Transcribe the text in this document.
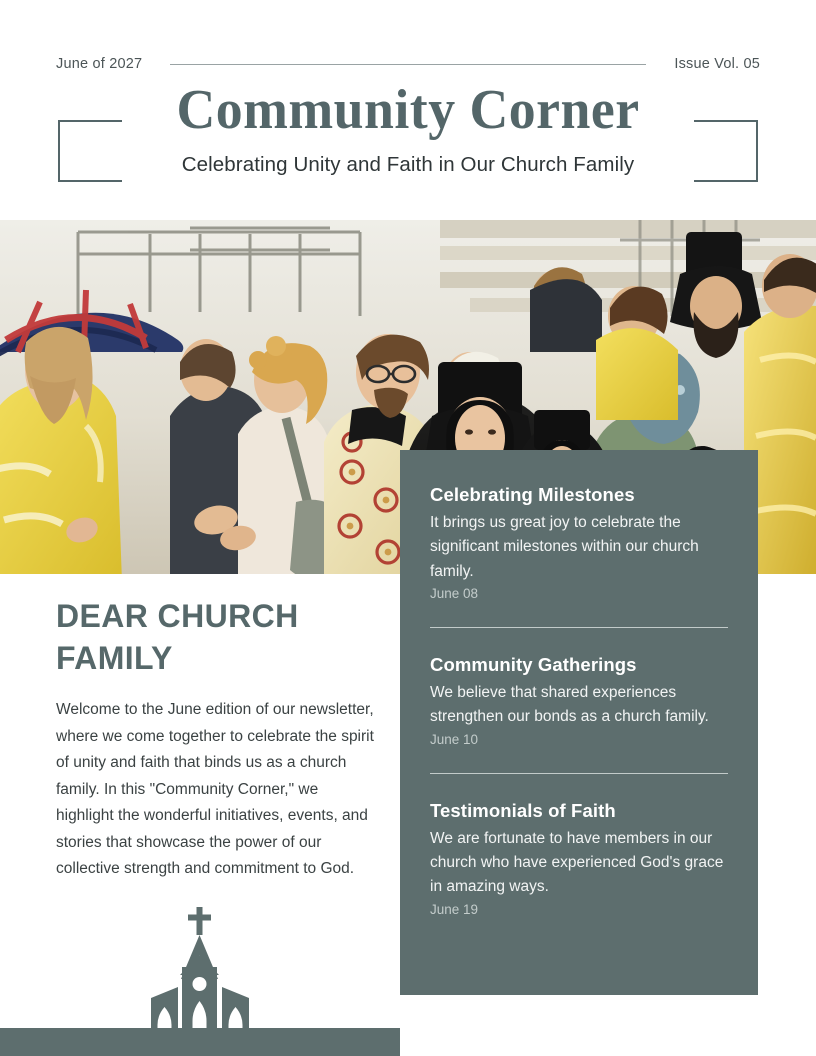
June of 2027	Issue Vol. 05
Community Corner

Celebrating Unity and Faith in Our Church Family

Celebrating Milestones

It brings us great joy to celebrate the significant milestones within our church family.

June 08

Community Gatherings

We believe that shared experiences strengthen our bonds as a church family.

June 10

Testimonials of Faith

We are fortunate to have members in our church who have experienced God's grace in amazing ways.

June 19

DEAR CHURCH FAMILY

Welcome to the June edition of our newsletter, where we come together to celebrate the spirit of unity and faith that binds us as a church family. In this "Community Corner," we highlight the wonderful initiatives, events, and stories that showcase the power of our collective strength and commitment to God.
